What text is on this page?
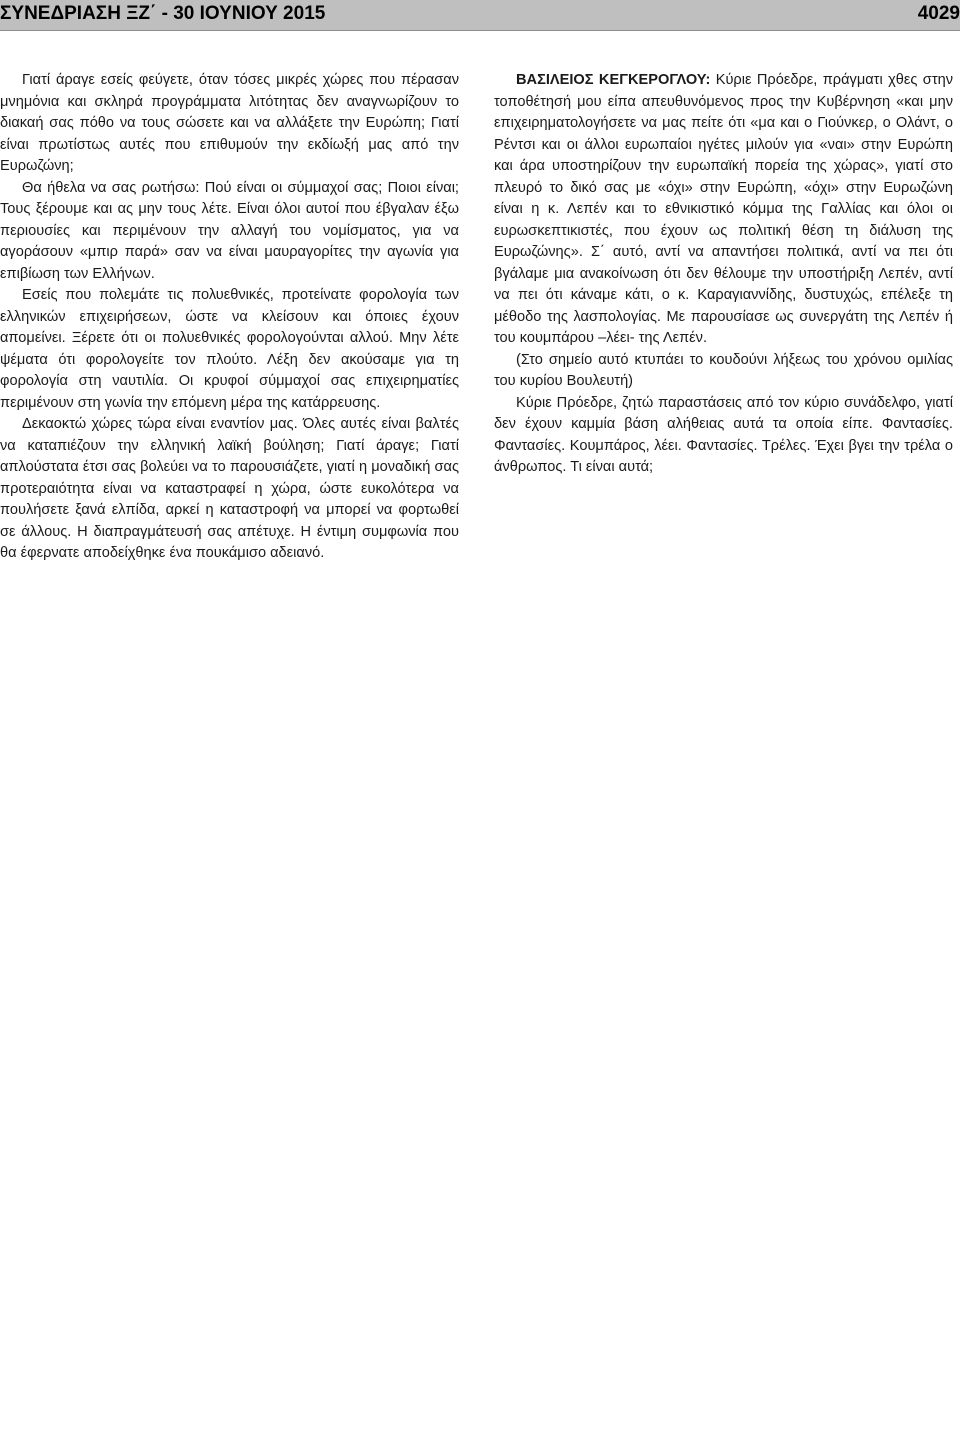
ΣΥΝΕΔΡΙΑΣΗ ΞΖ΄ - 30 ΙΟΥΝΙΟΥ 2015	4029

Γιατί άραγε εσείς φεύγετε, όταν τόσες μικρές χώρες που πέρασαν μνημόνια και σκληρά προγράμματα λιτότητας δεν αναγνωρίζουν το διακαή σας πόθο να τους σώσετε και να αλλάξετε την Ευρώπη; Γιατί είναι πρωτίστως αυτές που επιθυμούν την εκδίωξή μας από την Ευρωζώνη;

Θα ήθελα να σας ρωτήσω: Πού είναι οι σύμμαχοί σας; Ποιοι είναι; Τους ξέρουμε και ας μην τους λέτε. Είναι όλοι αυτοί που έβγαλαν έξω περιουσίες και περιμένουν την αλλαγή του νομίσματος, για να αγοράσουν «μπιρ παρά» σαν να είναι μαυραγορίτες την αγωνία για επιβίωση των Ελλήνων.

Εσείς που πολεμάτε τις πολυεθνικές, προτείνατε φορολογία των ελληνικών επιχειρήσεων, ώστε να κλείσουν και όποιες έχουν απομείνει. Ξέρετε ότι οι πολυεθνικές φορολογούνται αλλού. Μην λέτε ψέματα ότι φορολογείτε τον πλούτο. Λέξη δεν ακούσαμε για τη φορολογία στη ναυτιλία. Οι κρυφοί σύμμαχοί σας επιχειρηματίες περιμένουν στη γωνία την επόμενη μέρα της κατάρρευσης.

Δεκαοκτώ χώρες τώρα είναι εναντίον μας. Όλες αυτές είναι βαλτές να καταπιέζουν την ελληνική λαϊκή βούληση; Γιατί άραγε; Γιατί απλούστατα έτσι σας βολεύει να το παρουσιάζετε, γιατί η μοναδική σας προτεραιότητα είναι να καταστραφεί η χώρα, ώστε ευκολότερα να πουλήσετε ξανά ελπίδα, αρκεί η καταστροφή να μπορεί να φορτωθεί σε άλλους. Η διαπραγμάτευσή σας απέτυχε. Η έντιμη συμφωνία που θα έφερνατε αποδείχθηκε ένα πουκάμισο αδειανό.

ΒΑΣΙΛΕΙΟΣ ΚΕΓΚΕΡΟΓΛΟΥ: Κύριε Πρόεδρε, πράγματι χθες στην τοποθέτησή μου είπα απευθυνόμενος προς την Κυβέρνηση «και μην επιχειρηματολογήσετε να μας πείτε ότι «μα και ο Γιούνκερ, ο Ολάντ, ο Ρέντσι και οι άλλοι ευρωπαίοι ηγέτες μιλούν για «ναι» στην Ευρώπη και άρα υποστηρίζουν την ευρωπαϊκή πορεία της χώρας», γιατί στο πλευρό το δικό σας με «όχι» στην Ευρώπη, «όχι» στην Ευρωζώνη είναι η κ. Λεπέν και το εθνικιστικό κόμμα της Γαλλίας και όλοι οι ευρωσκεπτικιστές, που έχουν ως πολιτική θέση τη διάλυση της Ευρωζώνης». Σ΄ αυτό, αντί να απαντήσει πολιτικά, αντί να πει ότι βγάλαμε μια ανακοίνωση ότι δεν θέλουμε την υποστήριξη Λεπέν, αντί να πει ότι κάναμε κάτι, ο κ. Καραγιαννίδης, δυστυχώς, επέλεξε τη μέθοδο της λασπολογίας. Με παρουσίασε ως συνεργάτη της Λεπέν ή του κουμπάρου –λέει- της Λεπέν.

(Στο σημείο αυτό κτυπάει το κουδούνι λήξεως του χρόνου ομιλίας του κυρίου Βουλευτή)

Κύριε Πρόεδρε, ζητώ παραστάσεις από τον κύριο συνάδελφο, γιατί δεν έχουν καμμία βάση αλήθειας αυτά τα οποία είπε. Φαντασίες. Φαντασίες. Κουμπάρος, λέει. Φαντασίες. Τρέλες. Έχει βγει την τρέλα ο άνθρωπος. Τι είναι αυτά;
